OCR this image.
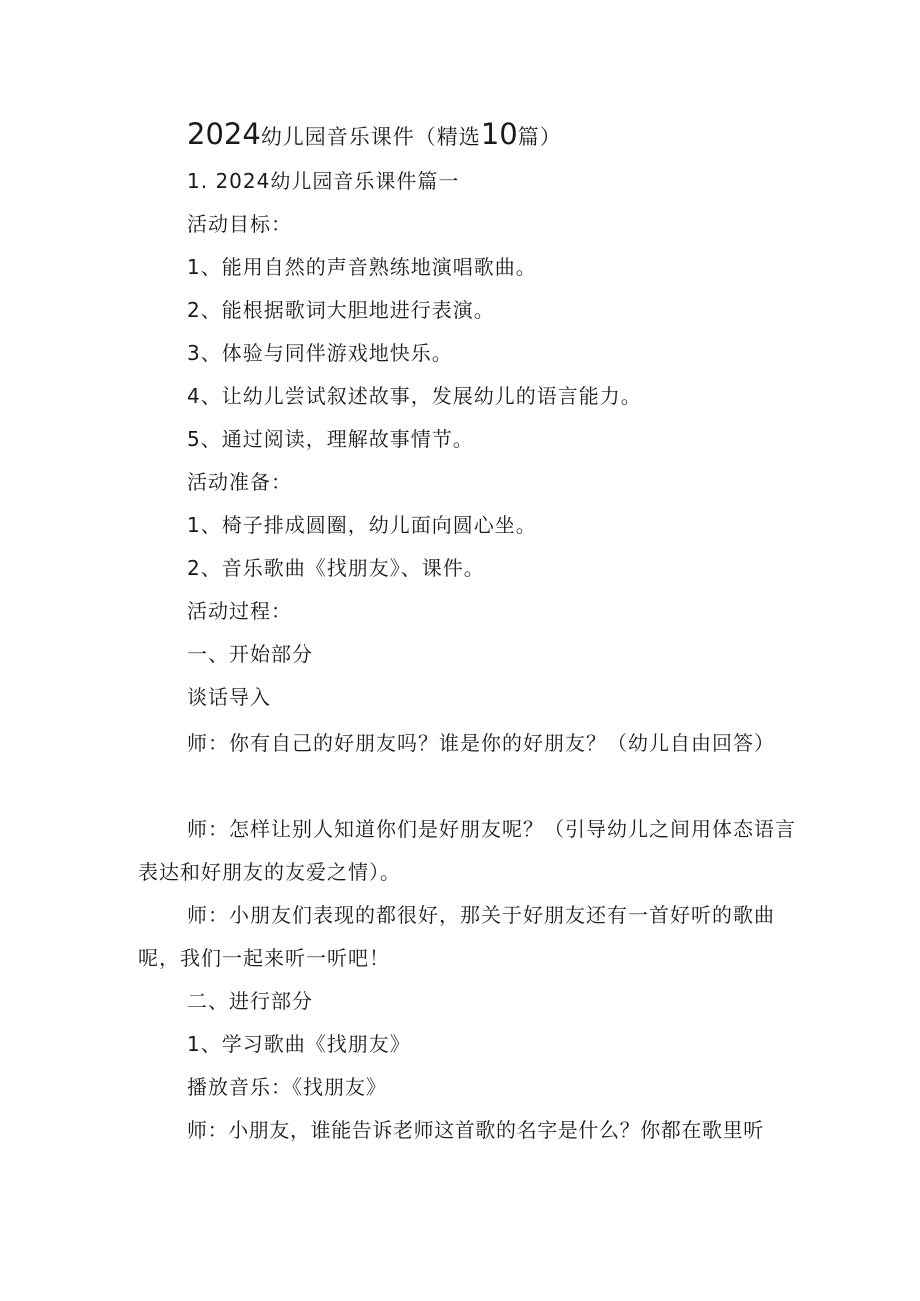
2024幼儿园音乐课件（精选10篇）
1. 2024幼儿园音乐课件篇一
活动目标：
1、能用自然的声音熟练地演唱歌曲。
2、能根据歌词大胆地进行表演。
3、体验与同伴游戏地快乐。
4、让幼儿尝试叙述故事，发展幼儿的语言能力。
5、通过阅读，理解故事情节。
活动准备：
1、椅子排成圆圈，幼儿面向圆心坐。
2、音乐歌曲《找朋友》、课件。
活动过程：
一、开始部分
谈话导入
师：你有自己的好朋友吗？谁是你的好朋友？（幼儿自由回答）
师：怎样让别人知道你们是好朋友呢？（引导幼儿之间用体态语言表达和好朋友的友爱之情）。
师：小朋友们表现的都很好，那关于好朋友还有一首好听的歌曲呢，我们一起来听一听吧！
二、进行部分
1、学习歌曲《找朋友》
播放音乐：《找朋友》
师：小朋友，谁能告诉老师这首歌的名字是什么？你都在歌里听
